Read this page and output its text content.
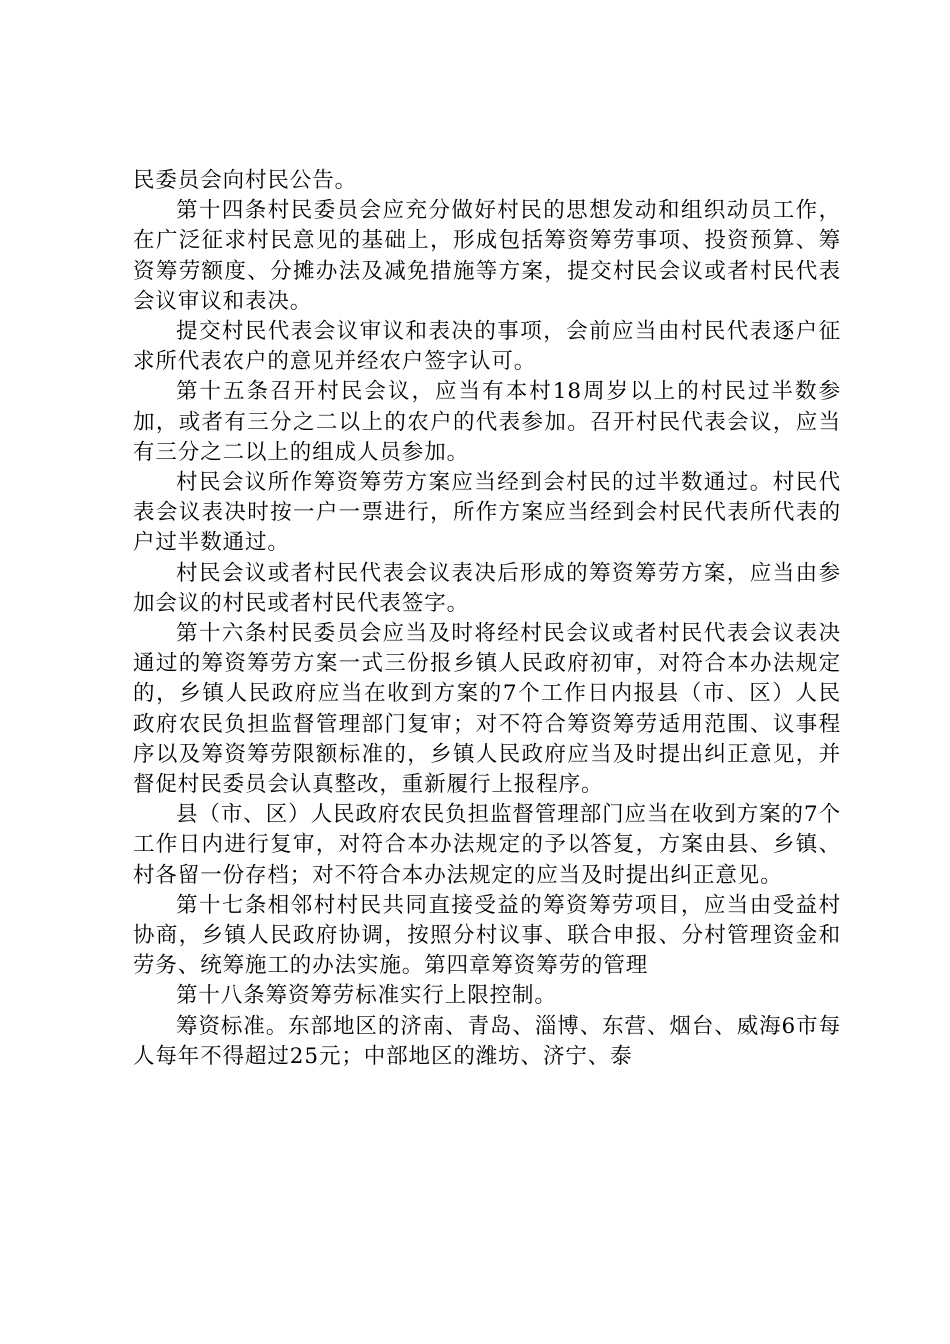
民委员会向村民公告。

第十四条村民委员会应充分做好村民的思想发动和组织动员工作，在广泛征求村民意见的基础上，形成包括筹资筹劳事项、投资预算、筹资筹劳额度、分摊办法及减免措施等方案，提交村民会议或者村民代表会议审议和表决。

提交村民代表会议审议和表决的事项，会前应当由村民代表逐户征求所代表农户的意见并经农户签字认可。

第十五条召开村民会议，应当有本村18周岁以上的村民过半数参加，或者有三分之二以上的农户的代表参加。召开村民代表会议，应当有三分之二以上的组成人员参加。

村民会议所作筹资筹劳方案应当经到会村民的过半数通过。村民代表会议表决时按一户一票进行，所作方案应当经到会村民代表所代表的户过半数通过。

村民会议或者村民代表会议表决后形成的筹资筹劳方案，应当由参加会议的村民或者村民代表签字。

第十六条村民委员会应当及时将经村民会议或者村民代表会议表决通过的筹资筹劳方案一式三份报乡镇人民政府初审，对符合本办法规定的，乡镇人民政府应当在收到方案的7个工作日内报县（市、区）人民政府农民负担监督管理部门复审；对不符合筹资筹劳适用范围、议事程序以及筹资筹劳限额标准的，乡镇人民政府应当及时提出纠正意见，并督促村民委员会认真整改，重新履行上报程序。

县（市、区）人民政府农民负担监督管理部门应当在收到方案的7个工作日内进行复审，对符合本办法规定的予以答复，方案由县、乡镇、村各留一份存档；对不符合本办法规定的应当及时提出纠正意见。

第十七条相邻村村民共同直接受益的筹资筹劳项目，应当由受益村协商，乡镇人民政府协调，按照分村议事、联合申报、分村管理资金和劳务、统筹施工的办法实施。第四章筹资筹劳的管理

第十八条筹资筹劳标准实行上限控制。

筹资标准。东部地区的济南、青岛、淄博、东营、烟台、威海6市每人每年不得超过25元；中部地区的潍坊、济宁、泰
